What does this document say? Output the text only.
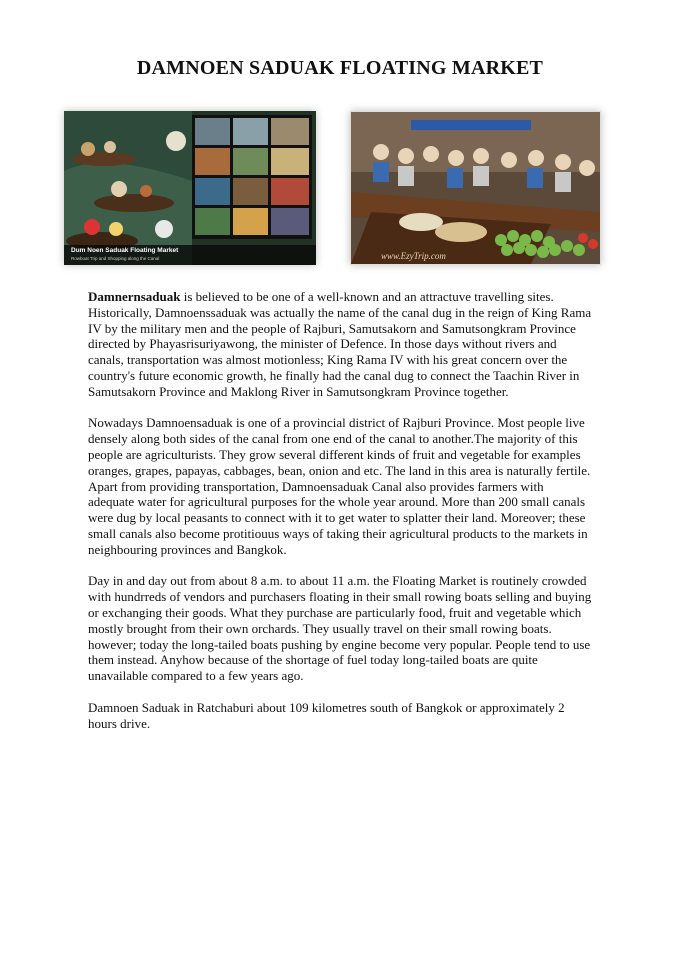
DAMNOEN SADUAK FLOATING MARKET
Dum Noen Saduak Floating Market
Rowboat Trip and Shopping along the Canal	www.EzyTrip.com

Damnernsaduak is believed to be one of a well-known and an attractuve travelling sites. Historically, Damnoenssaduak was actually the name of the canal dug in the reign of King Rama IV by the military men and the people of Rajburi, Samutsakorn and Samutsongkram Province directed by Phayasrisuriyawong, the minister of Defence. In those days without rivers and canals, transportation was almost motionless; King Rama IV with his great concern over the country's future economic growth, he finally had the canal dug to connect the Taachin River in Samutsakorn Province and Maklong River in Samutsongkram Province together.

Nowadays Damnoensaduak is one of a provincial district of Rajburi Province. Most people live densely along both sides of the canal from one end of the canal to another.The majority of this people are agriculturists. They grow several different kinds of fruit and vegetable for examples oranges, grapes, papayas, cabbages, bean, onion and etc. The land in this area is naturally fertile. Apart from providing transportation, Damnoensaduak Canal also provides farmers with adequate water for agricultural purposes for the whole year around. More than 200 small canals were dug by local peasants to connect with it to get water to splatter their land. Moreover; these small canals also become protitiouus ways of taking their agricultural products to the markets in neighbouring provinces and Bangkok.

Day in and day out from about 8 a.m. to about 11 a.m. the Floating Market is routinely crowded with hundrreds of vendors and purchasers floating in their small rowing boats selling and buying or exchanging their goods. What they purchase are particularly food, fruit and vegetable which mostly brought from their own orchards. They usually travel on their small rowing boats. however; today the long-tailed boats pushing by engine become very popular. People tend to use them instead. Anyhow because of the shortage of fuel today long-tailed boats are quite unavailable compared to a few years ago.

Damnoen Saduak in Ratchaburi about 109 kilometres south of Bangkok or approximately 2 hours drive.
